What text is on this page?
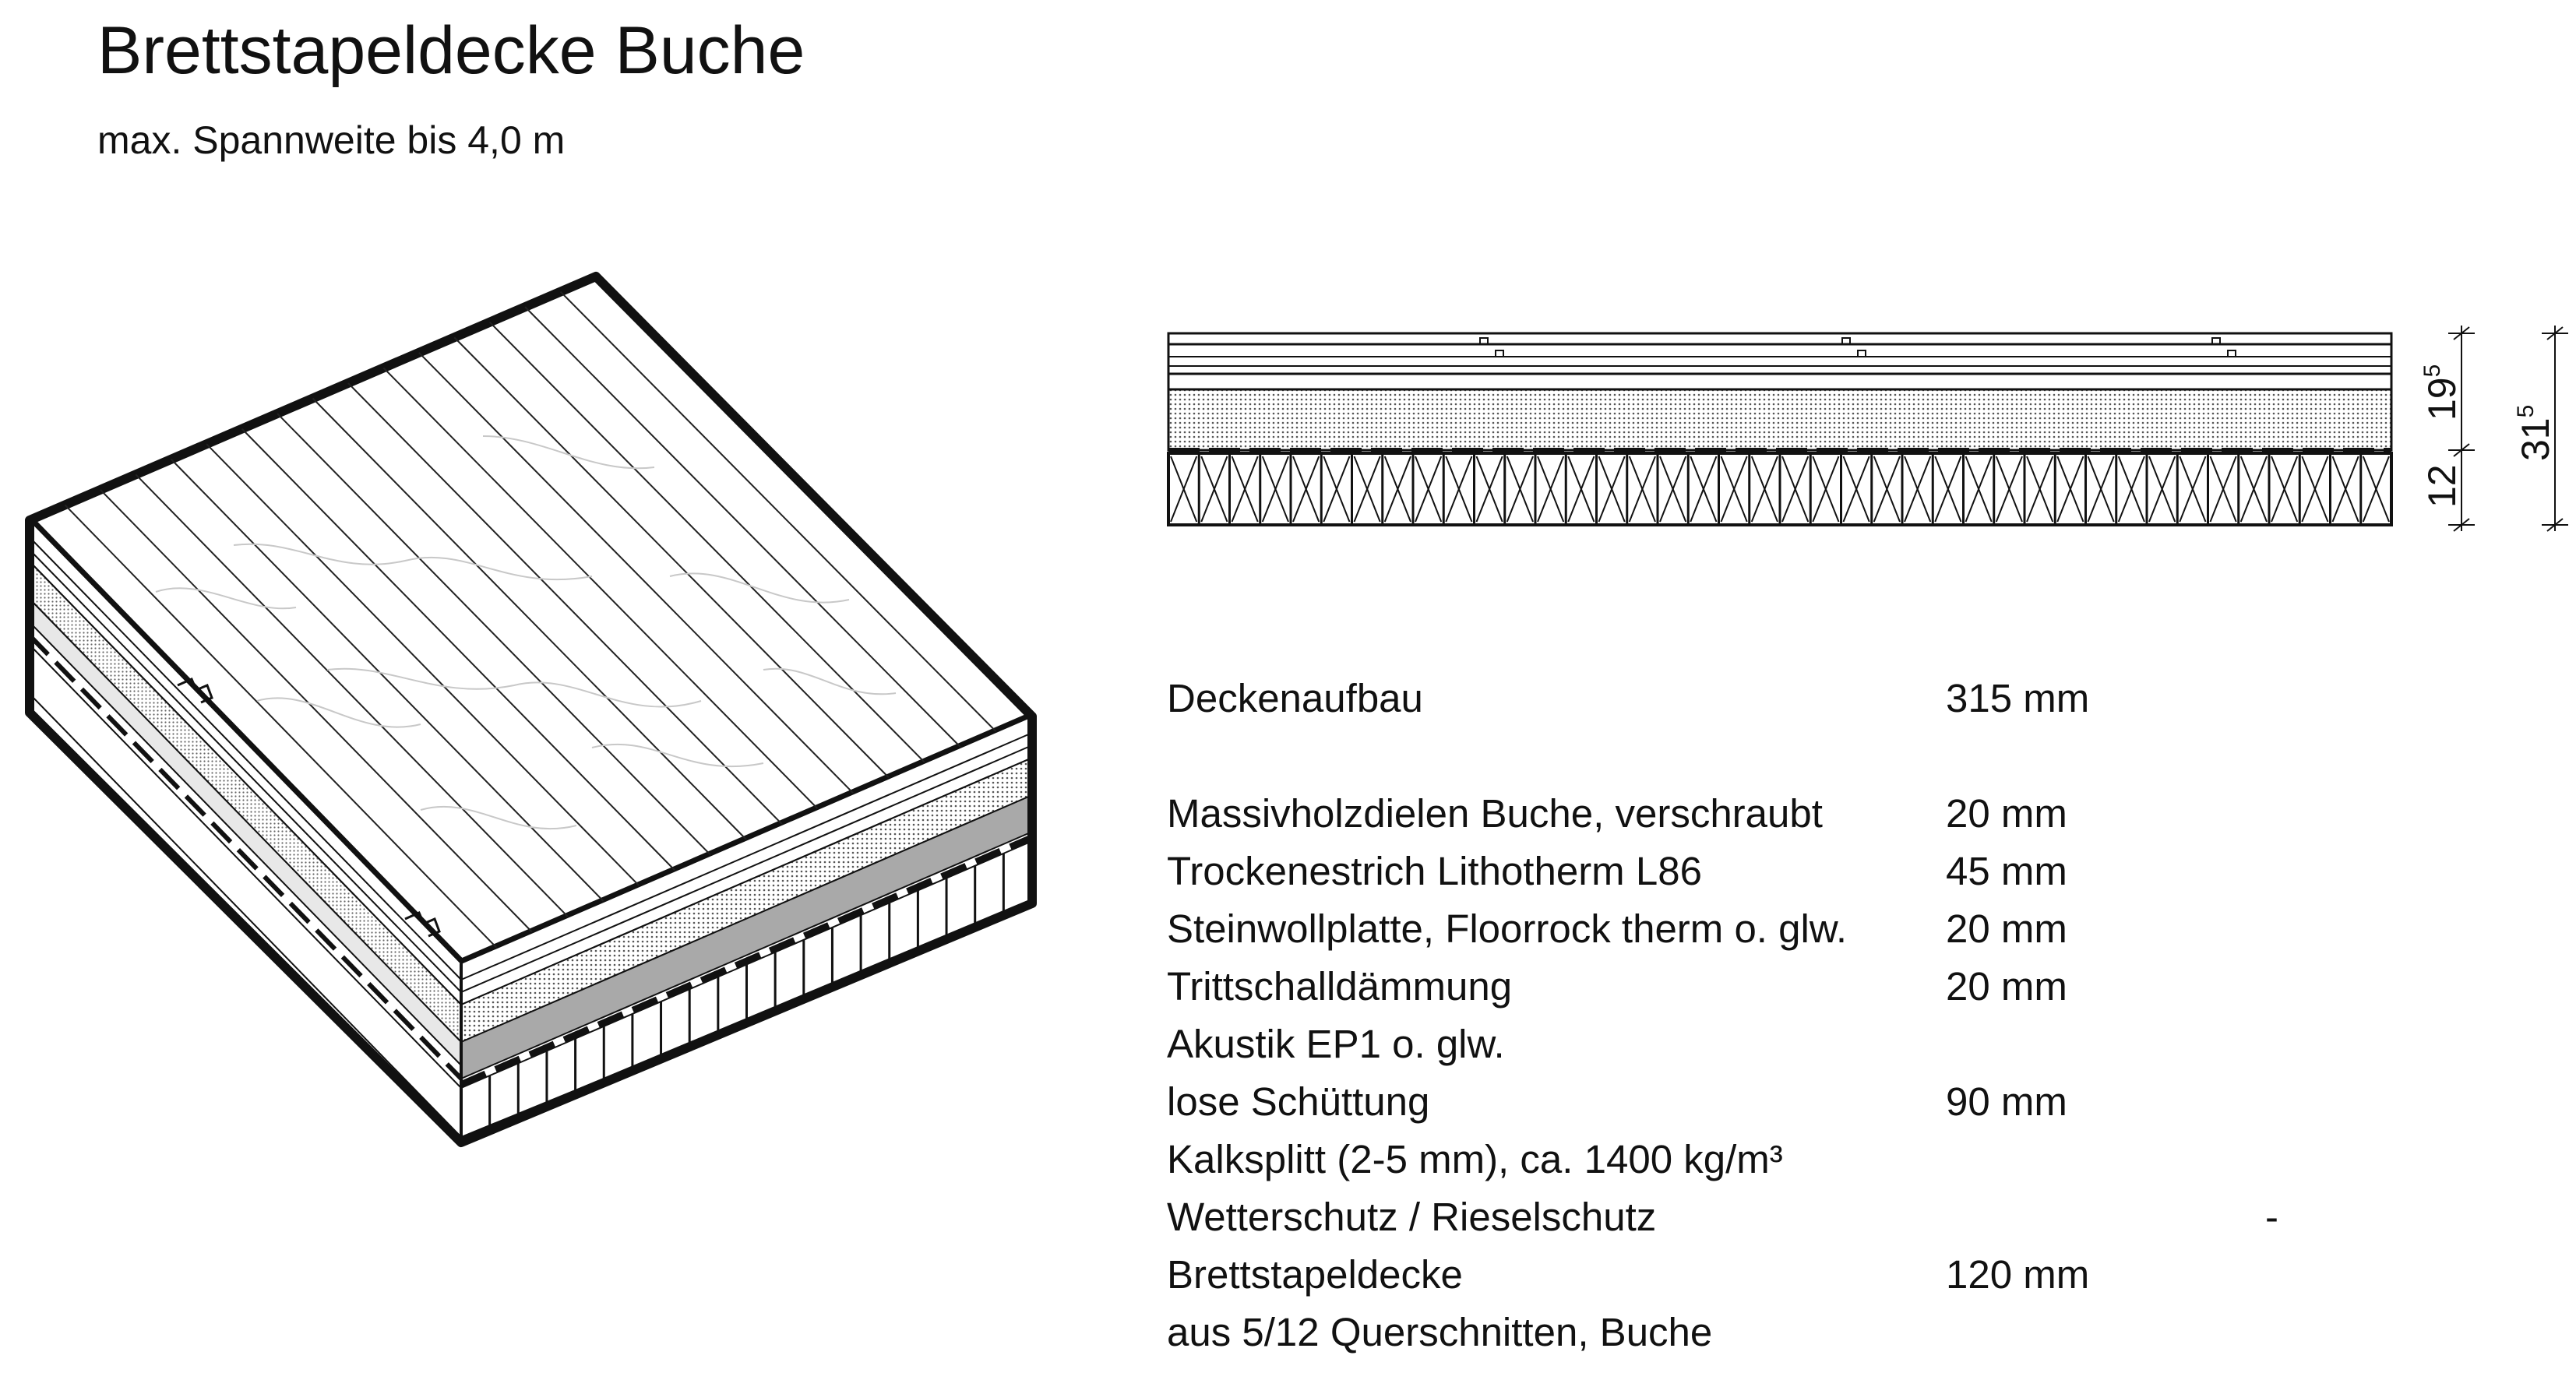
Brettstapeldecke Buche

max. Spannweite bis 4,0 m

$19^5$
12
$31^5$
Deckenaufbau	315 mm
Massivholzdielen Buche, verschraubt	20 mm
Trockenestrich Lithotherm L86	45 mm
Steinwollplatte, Floorrock therm o. glw. 20 mm
Trittschalldämmung	20 mm
Akustik EP1 o. glw.
lose Schüttung	90 mm
Kalksplitt (2-5 mm), ca. 1400 kg/m³
Wetterschutz / Rieselschutz	-
Brettstapeldecke	120 mm
aus 5/12 Querschnitten, Buche
